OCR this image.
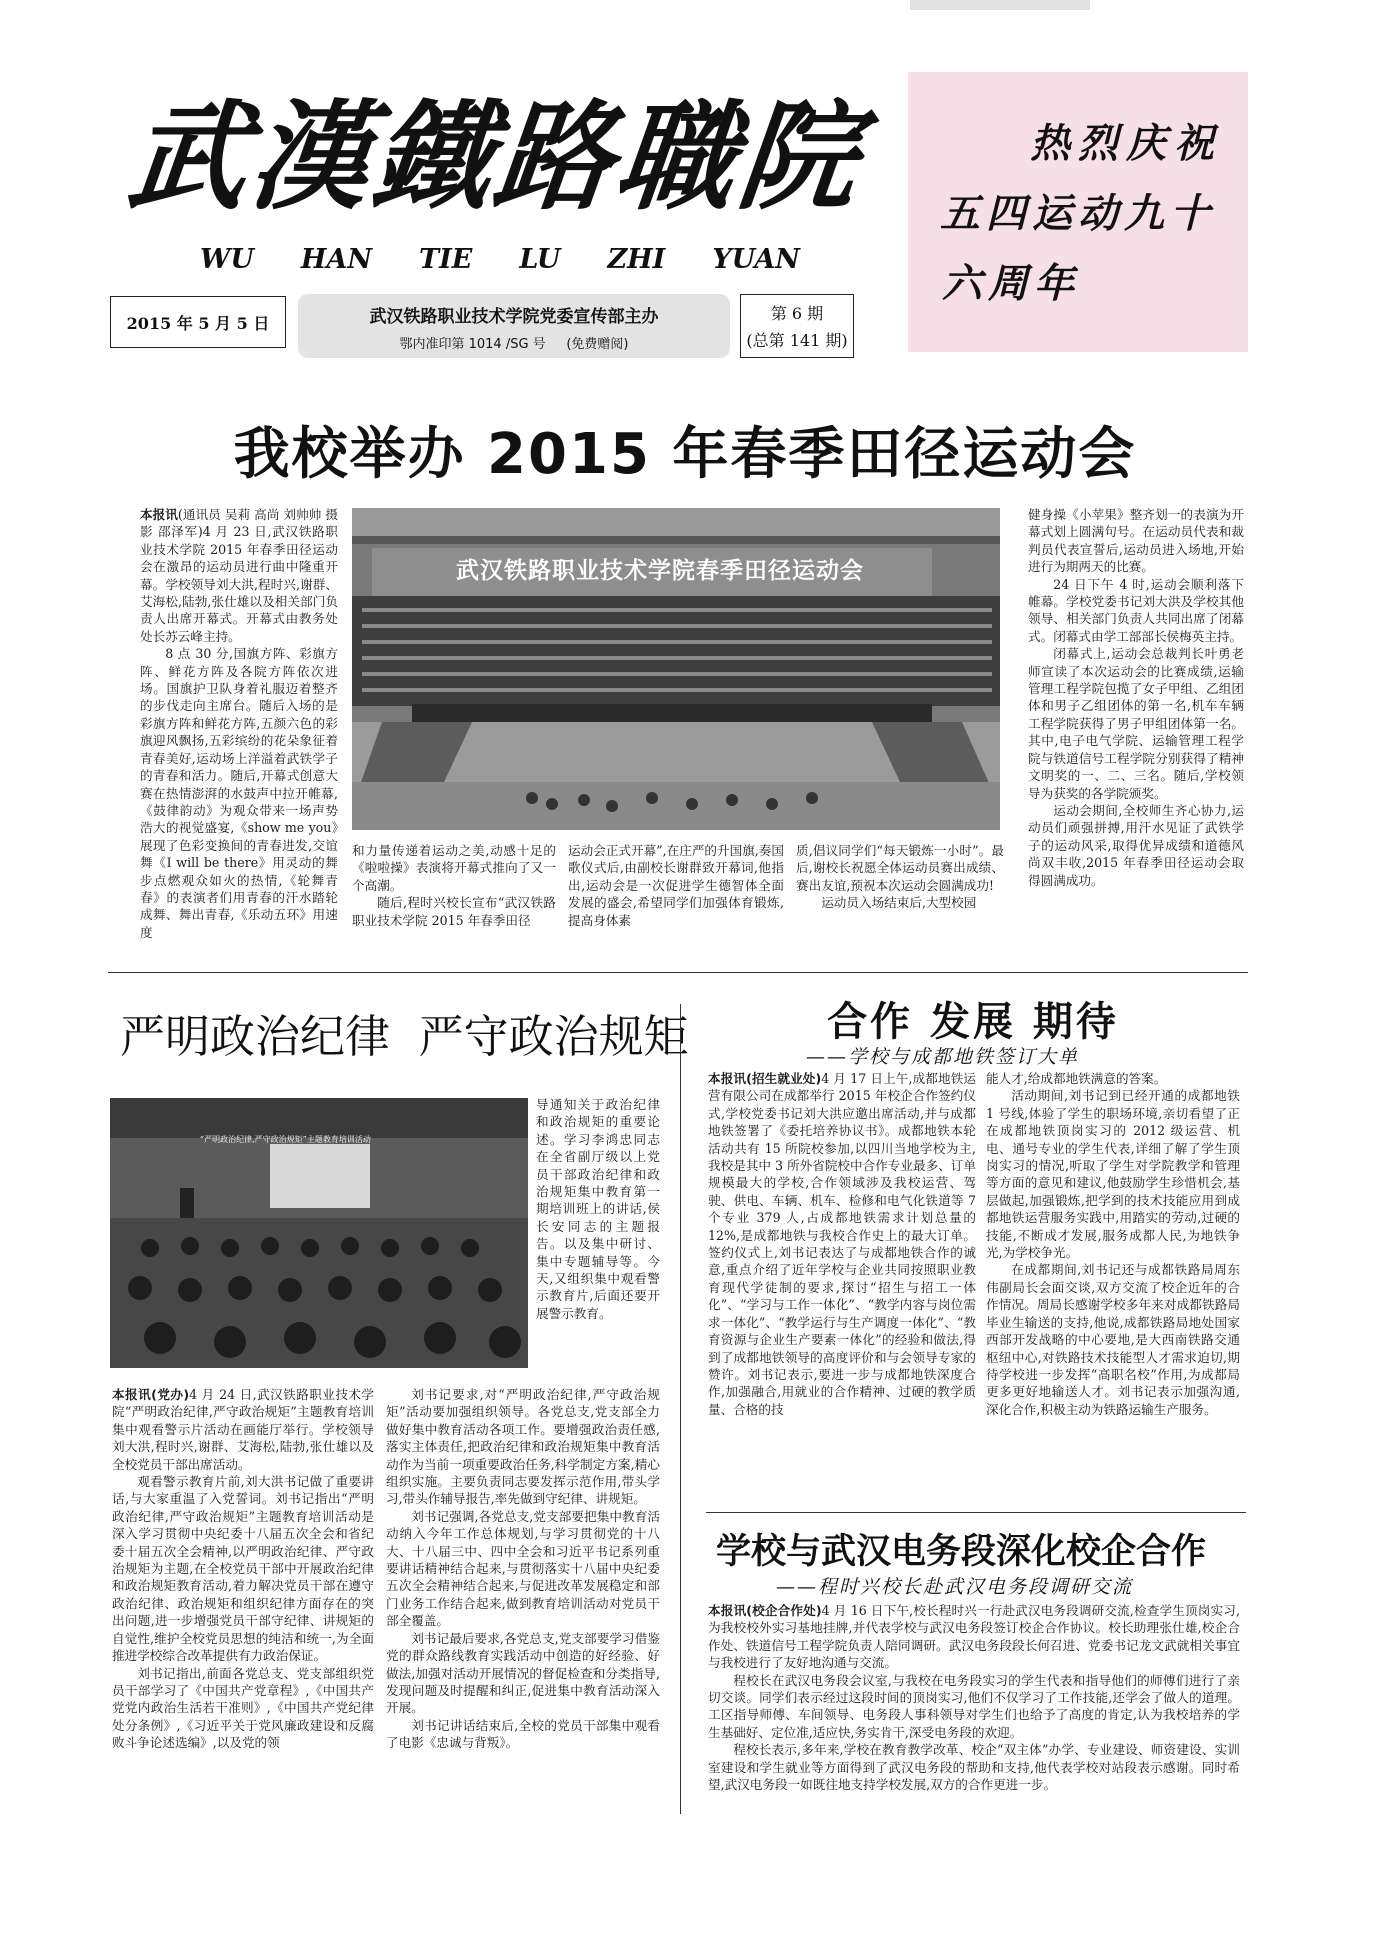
武漢鐵路職院
WU HAN TIE LU ZHI YUAN
2015 年 5 月 5 日	武汉铁路职业技术学院党委宣传部主办
鄂内准印第 1014 /SG 号 (免费赠阅)
第 6 期
(总第 141 期)
热烈庆祝
五四运动九十
六周年
我校举办 2015 年春季田径运动会
武汉铁路职业技术学院春季田径运动会

本报讯(通讯员 吴莉 高尚 刘帅帅 摄影 邵泽军)4 月 23 日,武汉铁路职业技术学院 2015 年春季田径运动会在激昂的运动员进行曲中隆重开幕。学校领导刘大洪,程时兴,谢群、艾海松,陆勃,张仕雄以及相关部门负责人出席开幕式。开幕式由教务处处长苏云峰主持。

8 点 30 分,国旗方阵、彩旗方阵、鲜花方阵及各院方阵依次进场。国旗护卫队身着礼服迈着整齐的步伐走向主席台。随后入场的是彩旗方阵和鲜花方阵,五颜六色的彩旗迎风飘扬,五彩缤纷的花朵象征着青春美好,运动场上洋溢着武铁学子的青春和活力。随后,开幕式创意大赛在热情澎湃的水鼓声中拉开帷幕,《鼓律韵动》为观众带来一场声势浩大的视觉盛宴,《show me you》展现了色彩变换间的青春进发,交谊舞《I will be there》用灵动的舞步点燃观众如火的热情,《轮舞青春》的表演者们用青春的汗水踏轮成舞、舞出青春,《乐动五环》用速度

和力量传递着运动之美,动感十足的《啦啦操》表演将开幕式推向了又一个高潮。

随后,程时兴校长宣布“武汉铁路职业技术学院 2015 年春季田径

运动会正式开幕”,在庄严的升国旗,奏国歌仪式后,由副校长谢群致开幕词,他指出,运动会是一次促进学生德智体全面发展的盛会,希望同学们加强体育锻炼,提高身体素

质,倡议同学们“每天锻炼一小时”。最后,谢校长祝愿全体运动员赛出成绩、赛出友谊,预祝本次运动会圆满成功!

运动员入场结束后,大型校园

健身操《小苹果》整齐划一的表演为开幕式划上圆满句号。在运动员代表和裁判员代表宣誓后,运动员进入场地,开始进行为期两天的比赛。

24 日下午 4 时,运动会顺利落下帷幕。学校党委书记刘大洪及学校其他领导、相关部门负责人共同出席了闭幕式。闭幕式由学工部部长侯梅英主持。

闭幕式上,运动会总裁判长叶勇老师宣读了本次运动会的比赛成绩,运输管理工程学院包揽了女子甲组、乙组团体和男子乙组团体的第一名,机车车辆工程学院获得了男子甲组团体第一名。其中,电子电气学院、运输管理工程学院与铁道信号工程学院分别获得了精神文明奖的一、二、三名。随后,学校领导为获奖的各学院颁奖。

运动会期间,全校师生齐心协力,运动员们顽强拼搏,用汗水见证了武铁学子的运动风采,取得优异成绩和道德风尚双丰收,2015 年春季田径运动会取得圆满成功。

严明政治纪律  严守政治规矩
“严明政治纪律,严守政治规矩”主题教育培训活动

导通知关于政治纪律和政治规矩的重要论述。学习李鸿忠同志在全省副厅级以上党员干部政治纪律和政治规矩集中教育第一期培训班上的讲话,侯长安同志的主题报告。以及集中研讨、集中专题辅导等。今天,又组织集中观看警示教育片,后面还要开展警示教育。

本报讯(党办)4 月 24 日,武汉铁路职业技术学院“严明政治纪律,严守政治规矩”主题教育培训集中观看警示片活动在画能厅举行。学校领导刘大洪,程时兴,谢群、艾海松,陆勃,张仕雄以及全校党员干部出席活动。

观看警示教育片前,刘大洪书记做了重要讲话,与大家重温了入党誓词。刘书记指出“严明政治纪律,严守政治规矩”主题教育培训活动是深入学习贯彻中央纪委十八届五次全会和省纪委十届五次全会精神,以严明政治纪律、严守政治规矩为主题,在全校党员干部中开展政治纪律和政治规矩教育活动,着力解决党员干部在遵守政治纪律、政治规矩和组织纪律方面存在的突出问题,进一步增强党员干部守纪律、讲规矩的自觉性,维护全校党员思想的纯洁和统一,为全面推进学校综合改革提供有力政治保证。

刘书记指出,前面各党总支、党支部组织党员干部学习了《中国共产党章程》,《中国共产党党内政治生活若干准则》,《中国共产党纪律处分条例》,《习近平关于党风廉政建设和反腐败斗争论述选编》,以及党的领

刘书记要求,对“严明政治纪律,严守政治规矩”活动要加强组织领导。各党总支,党支部全力做好集中教育活动各项工作。要增强政治责任感,落实主体责任,把政治纪律和政治规矩集中教育活动作为当前一项重要政治任务,科学制定方案,精心组织实施。主要负责同志要发挥示范作用,带头学习,带头作辅导报告,率先做到守纪律、讲规矩。

刘书记强调,各党总支,党支部要把集中教育活动纳入今年工作总体规划,与学习贯彻党的十八大、十八届三中、四中全会和习近平书记系列重要讲话精神结合起来,与贯彻落实十八届中央纪委五次全会精神结合起来,与促进改革发展稳定和部门业务工作结合起来,做到教育培训活动对党员干部全覆盖。

刘书记最后要求,各党总支,党支部要学习借鉴党的群众路线教育实践活动中创造的好经验、好做法,加强对活动开展情况的督促检查和分类指导,发现问题及时提醒和纠正,促进集中教育活动深入开展。

刘书记讲话结束后,全校的党员干部集中观看了电影《忠诚与背叛》。

合作 发展 期待
——学校与成都地铁签订大单

本报讯(招生就业处)4 月 17 日上午,成都地铁运营有限公司在成都举行 2015 年校企合作签约仪式,学校党委书记刘大洪应邀出席活动,并与成都地铁签署了《委托培养协议书》。成都地铁本轮活动共有 15 所院校参加,以四川当地学校为主,我校是其中 3 所外省院校中合作专业最多、订单规模最大的学校,合作领域涉及我校运营、驾驶、供电、车辆、机车、检修和电气化铁道等 7 个专业 379 人,占成都地铁需求计划总量的 12%,是成都地铁与我校合作史上的最大订单。签约仪式上,刘书记表达了与成都地铁合作的诚意,重点介绍了近年学校与企业共同按照职业教育现代学徒制的要求,探讨“招生与招工一体化”、“学习与工作一体化”、“教学内容与岗位需求一体化”、“教学运行与生产调度一体化”、“教育资源与企业生产要素一体化”的经验和做法,得到了成都地铁领导的高度评价和与会领导专家的赞许。刘书记表示,要进一步与成都地铁深度合作,加强融合,用就业的合作精神、过硬的教学质量、合格的技

能人才,给成都地铁满意的答案。

活动期间,刘书记到已经开通的成都地铁 1 号线,体验了学生的职场环境,亲切看望了正在成都地铁顶岗实习的 2012 级运营、机电、通号专业的学生代表,详细了解了学生顶岗实习的情况,听取了学生对学院教学和管理等方面的意见和建议,他鼓励学生珍惜机会,基层做起,加强锻炼,把学到的技术技能应用到成都地铁运营服务实践中,用踏实的劳动,过硬的技能,不断成才发展,服务成都人民,为地铁争光,为学校争光。

在成都期间,刘书记还与成都铁路局周东伟副局长会面交谈,双方交流了校企近年的合作情况。周局长感谢学校多年来对成都铁路局毕业生输送的支持,他说,成都铁路局地处国家西部开发战略的中心要地,是大西南铁路交通枢纽中心,对铁路技术技能型人才需求迫切,期待学校进一步发挥“高职名校”作用,为成都局更多更好地输送人才。刘书记表示加强沟通,深化合作,积极主动为铁路运输生产服务。

学校与武汉电务段深化校企合作
——程时兴校长赴武汉电务段调研交流

本报讯(校企合作处)4 月 16 日下午,校长程时兴一行赴武汉电务段调研交流,检查学生顶岗实习,为我校校外实习基地挂牌,并代表学校与武汉电务段签订校企合作协议。校长助理张仕雄,校企合作处、铁道信号工程学院负责人陪同调研。武汉电务段段长何召进、党委书记龙文武就相关事宜与我校进行了友好地沟通与交流。

程校长在武汉电务段会议室,与我校在电务段实习的学生代表和指导他们的师傅们进行了亲切交谈。同学们表示经过这段时间的顶岗实习,他们不仅学习了工作技能,还学会了做人的道理。工区指导师傅、车间领导、电务段人事科领导对学生们也给予了高度的肯定,认为我校培养的学生基础好、定位准,适应快,务实肯干,深受电务段的欢迎。

程校长表示,多年来,学校在教育教学改革、校企“双主体”办学、专业建设、师资建设、实训室建设和学生就业等方面得到了武汉电务段的帮助和支持,他代表学校对站段表示感谢。同时希望,武汉电务段一如既往地支持学校发展,双方的合作更进一步。
